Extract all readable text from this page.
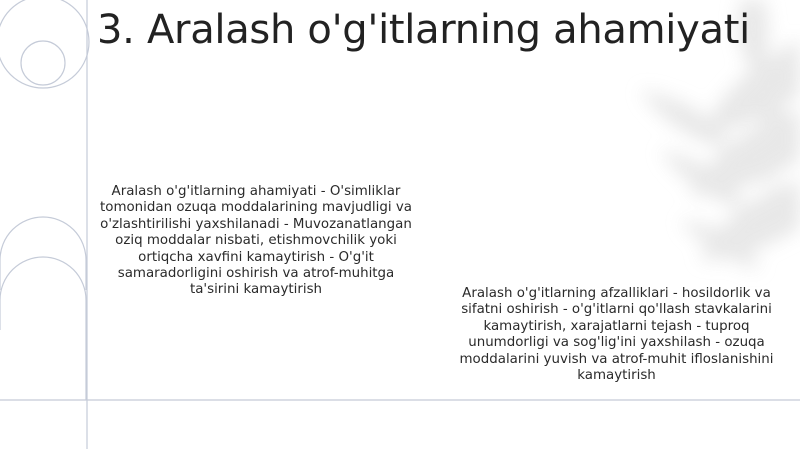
3. Aralash o'g'itlarning ahamiyati

Aralash o'g'itlarning ahamiyati - O'simliklar tomonidan ozuqa moddalarining mavjudligi va o'zlashtirilishi yaxshilanadi - Muvozanatlangan oziq moddalar nisbati, etishmovchilik yoki ortiqcha xavfini kamaytirish - O'g'it samaradorligini oshirish va atrof-muhitga ta'sirini kamaytirish	Aralash o'g'itlarning afzalliklari - hosildorlik va sifatni oshirish - o'g'itlarni qo'llash stavkalarini kamaytirish, xarajatlarni tejash - tuproq unumdorligi va sog'lig'ini yaxshilash - ozuqa moddalarini yuvish va atrof-muhit ifloslanishini kamaytirish
